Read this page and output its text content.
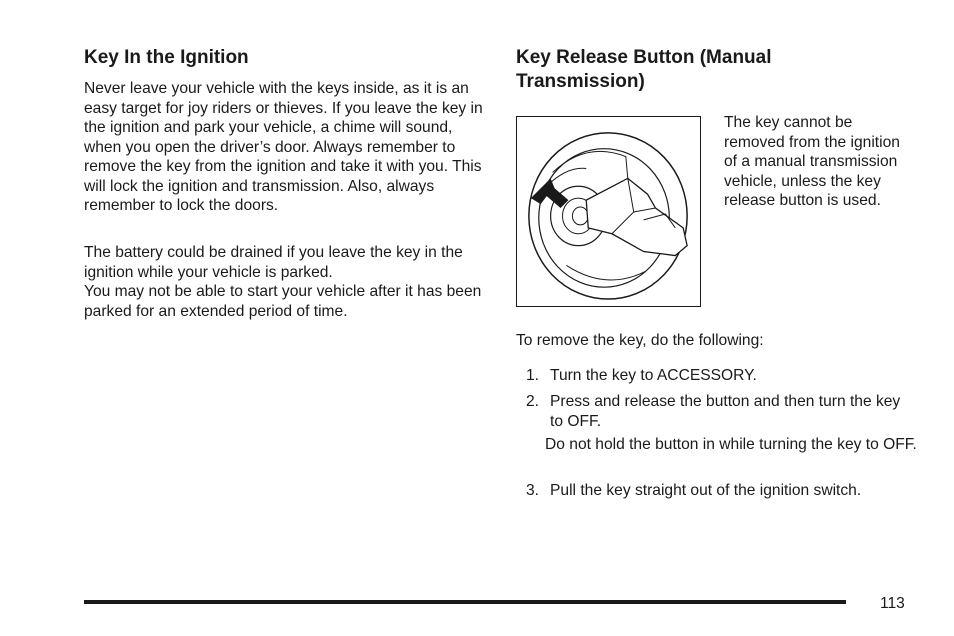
Key In the Ignition

Never leave your vehicle with the keys inside, as it is an easy target for joy riders or thieves. If you leave the key in the ignition and park your vehicle, a chime will sound, when you open the driver’s door. Always remember to remove the key from the ignition and take it with you. This will lock the ignition and transmission. Also, always remember to lock the doors.

The battery could be drained if you leave the key in the ignition while your vehicle is parked.

You may not be able to start your vehicle after it has been parked for an extended period of time.

Key Release Button (Manual Transmission)

The key cannot be removed from the ignition of a manual transmission vehicle, unless the key release button is used.

To remove the key, do the following:

1. Turn the key to ACCESSORY.
2. Press and release the button and then turn the key to OFF.

Do not hold the button in while turning the key to OFF.

3. Pull the key straight out of the ignition switch.
113
